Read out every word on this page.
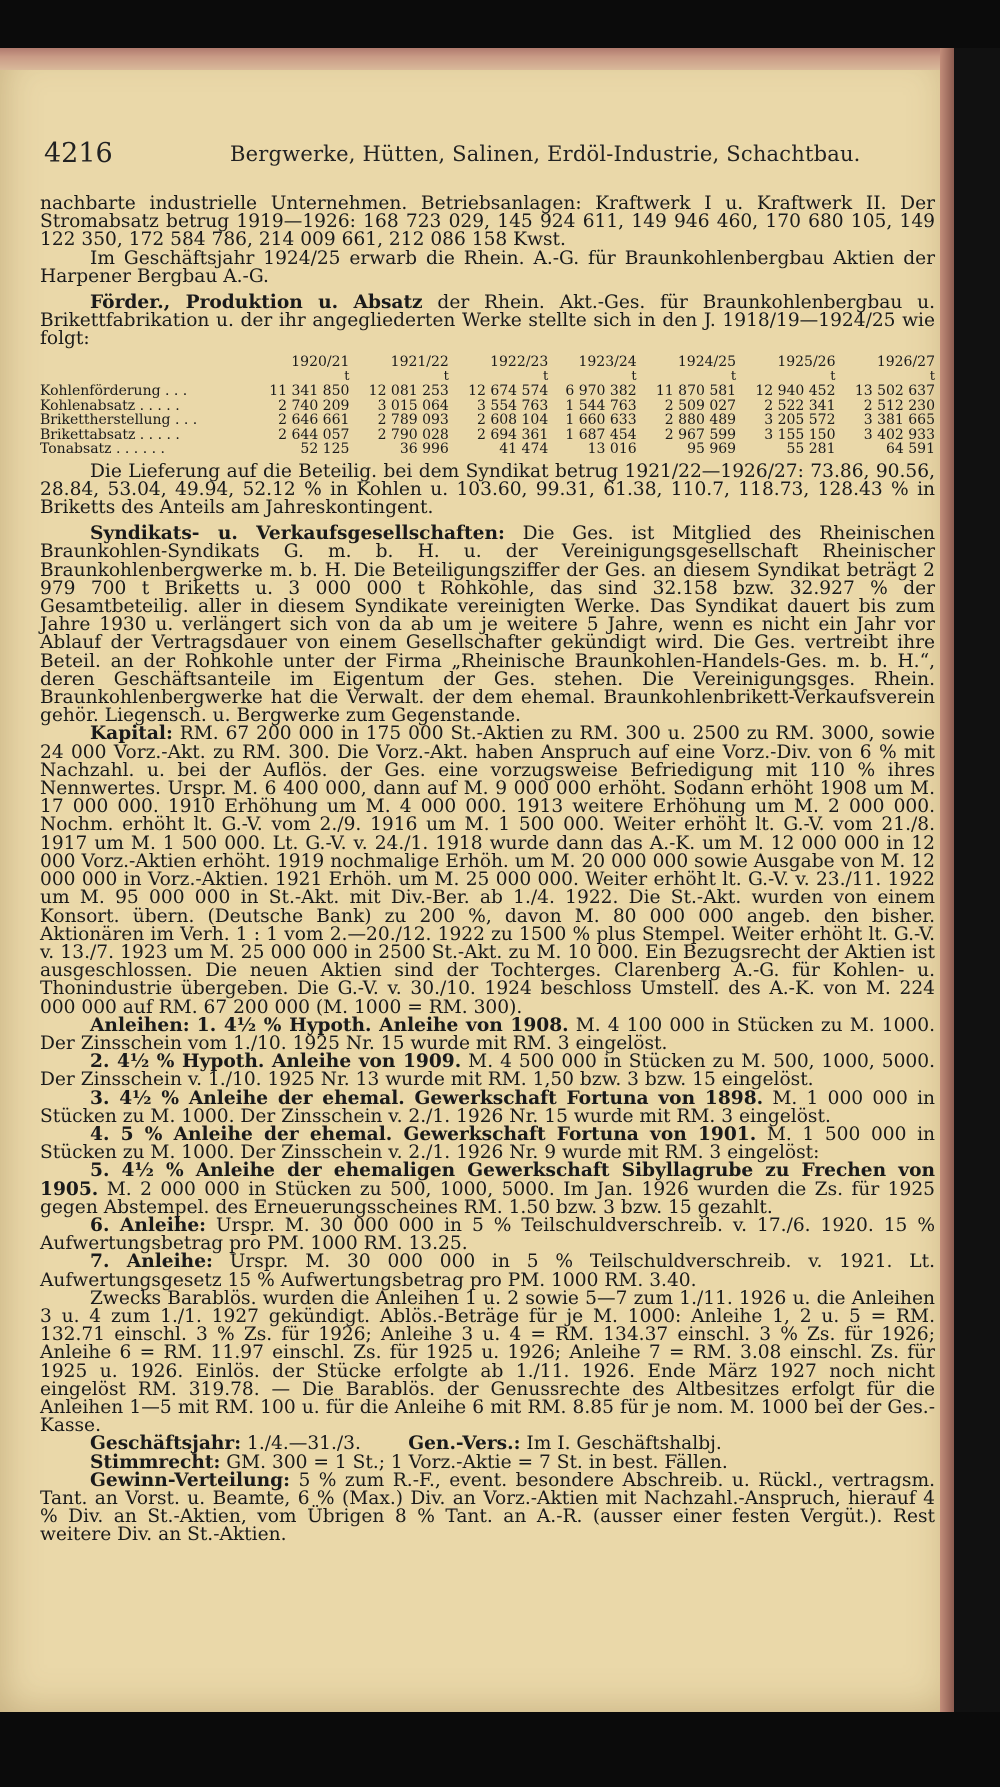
4216	Bergwerke, Hütten, Salinen, Erdöl-Industrie, Schachtbau.

nachbarte industrielle Unternehmen. Betriebsanlagen: Kraftwerk I u. Kraftwerk II. Der Stromabsatz betrug 1919—1926: 168 723 029, 145 924 611, 149 946 460, 170 680 105, 149 122 350, 172 584 786, 214 009 661, 212 086 158 Kwst.

Im Geschäftsjahr 1924/25 erwarb die Rhein. A.-G. für Braunkohlenbergbau Aktien der Harpener Bergbau A.-G.

Förder., Produktion u. Absatz der Rhein. Akt.-Ges. für Braunkohlenbergbau u. Brikettfabrikation u. der ihr angegliederten Werke stellte sich in den J. 1918/19—1924/25 wie folgt:

	1920/21	1921/22	1922/23	1923/24	1924/25	1925/26	1926/27
	t	t	t	t	t	t	t
Kohlenförderung . . .	11 341 850	12 081 253	12 674 574	6 970 382	11 870 581	12 940 452	13 502 637
Kohlenabsatz . . . . .	2 740 209	3 015 064	3 554 763	1 544 763	2 509 027	2 522 341	2 512 230
Brikettherstellung . . .	2 646 661	2 789 093	2 608 104	1 660 633	2 880 489	3 205 572	3 381 665
Brikettabsatz . . . . .	2 644 057	2 790 028	2 694 361	1 687 454	2 967 599	3 155 150	3 402 933
Tonabsatz . . . . . .	52 125	36 996	41 474	13 016	95 969	55 281	64 591

Die Lieferung auf die Beteilig. bei dem Syndikat betrug 1921/22—1926/27: 73.86, 90.56, 28.84, 53.04, 49.94, 52.12 % in Kohlen u. 103.60, 99.31, 61.38, 110.7, 118.73, 128.43 % in Briketts des Anteils am Jahreskontingent.

Syndikats- u. Verkaufsgesellschaften: Die Ges. ist Mitglied des Rheinischen Braunkohlen-Syndikats G. m. b. H. u. der Vereinigungsgesellschaft Rheinischer Braunkohlenbergwerke m. b. H. Die Beteiligungsziffer der Ges. an diesem Syndikat beträgt 2 979 700 t Briketts u. 3 000 000 t Rohkohle, das sind 32.158 bzw. 32.927 % der Gesamtbeteilig. aller in diesem Syndikate vereinigten Werke. Das Syndikat dauert bis zum Jahre 1930 u. verlängert sich von da ab um je weitere 5 Jahre, wenn es nicht ein Jahr vor Ablauf der Vertragsdauer von einem Gesellschafter gekündigt wird. Die Ges. vertreibt ihre Beteil. an der Rohkohle unter der Firma „Rheinische Braunkohlen-Handels-Ges. m. b. H.“, deren Geschäftsanteile im Eigentum der Ges. stehen. Die Vereinigungsges. Rhein. Braunkohlenbergwerke hat die Verwalt. der dem ehemal. Braunkohlenbrikett-Verkaufsverein gehör. Liegensch. u. Bergwerke zum Gegenstande.

Kapital: RM. 67 200 000 in 175 000 St.-Aktien zu RM. 300 u. 2500 zu RM. 3000, sowie 24 000 Vorz.-Akt. zu RM. 300. Die Vorz.-Akt. haben Anspruch auf eine Vorz.-Div. von 6 % mit Nachzahl. u. bei der Auflös. der Ges. eine vorzugsweise Befriedigung mit 110 % ihres Nennwertes. Urspr. M. 6 400 000, dann auf M. 9 000 000 erhöht. Sodann erhöht 1908 um M. 17 000 000. 1910 Erhöhung um M. 4 000 000. 1913 weitere Erhöhung um M. 2 000 000. Nochm. erhöht lt. G.-V. vom 2./9. 1916 um M. 1 500 000. Weiter erhöht lt. G.-V. vom 21./8. 1917 um M. 1 500 000. Lt. G.-V. v. 24./1. 1918 wurde dann das A.-K. um M. 12 000 000 in 12 000 Vorz.-Aktien erhöht. 1919 nochmalige Erhöh. um M. 20 000 000 sowie Ausgabe von M. 12 000 000 in Vorz.-Aktien. 1921 Erhöh. um M. 25 000 000. Weiter erhöht lt. G.-V. v. 23./11. 1922 um M. 95 000 000 in St.-Akt. mit Div.-Ber. ab 1./4. 1922. Die St.-Akt. wurden von einem Konsort. übern. (Deutsche Bank) zu 200 %, davon M. 80 000 000 angeb. den bisher. Aktionären im Verh. 1 : 1 vom 2.—20./12. 1922 zu 1500 % plus Stempel. Weiter erhöht lt. G.-V. v. 13./7. 1923 um M. 25 000 000 in 2500 St.-Akt. zu M. 10 000. Ein Bezugsrecht der Aktien ist ausgeschlossen. Die neuen Aktien sind der Tochterges. Clarenberg A.-G. für Kohlen- u. Thonindustrie übergeben. Die G.-V. v. 30./10. 1924 beschloss Umstell. des A.-K. von M. 224 000 000 auf RM. 67 200 000 (M. 1000 = RM. 300).

Anleihen: 1. 4½ % Hypoth. Anleihe von 1908. M. 4 100 000 in Stücken zu M. 1000. Der Zinsschein vom 1./10. 1925 Nr. 15 wurde mit RM. 3 eingelöst.

2. 4½ % Hypoth. Anleihe von 1909. M. 4 500 000 in Stücken zu M. 500, 1000, 5000. Der Zinsschein v. 1./10. 1925 Nr. 13 wurde mit RM. 1,50 bzw. 3 bzw. 15 eingelöst.

3. 4½ % Anleihe der ehemal. Gewerkschaft Fortuna von 1898. M. 1 000 000 in Stücken zu M. 1000. Der Zinsschein v. 2./1. 1926 Nr. 15 wurde mit RM. 3 eingelöst.

4. 5 % Anleihe der ehemal. Gewerkschaft Fortuna von 1901. M. 1 500 000 in Stücken zu M. 1000. Der Zinsschein v. 2./1. 1926 Nr. 9 wurde mit RM. 3 eingelöst:

5. 4½ % Anleihe der ehemaligen Gewerkschaft Sibyllagrube zu Frechen von 1905. M. 2 000 000 in Stücken zu 500, 1000, 5000. Im Jan. 1926 wurden die Zs. für 1925 gegen Abstempel. des Erneuerungsscheines RM. 1.50 bzw. 3 bzw. 15 gezahlt.

6. Anleihe: Urspr. M. 30 000 000 in 5 % Teilschuldverschreib. v. 17./6. 1920. 15 % Aufwertungsbetrag pro PM. 1000 RM. 13.25.

7. Anleihe: Urspr. M. 30 000 000 in 5 % Teilschuldverschreib. v. 1921. Lt. Aufwertungsgesetz 15 % Aufwertungsbetrag pro PM. 1000 RM. 3.40.

Zwecks Barablös. wurden die Anleihen 1 u. 2 sowie 5—7 zum 1./11. 1926 u. die Anleihen 3 u. 4 zum 1./1. 1927 gekündigt. Ablös.-Beträge für je M. 1000: Anleihe 1, 2 u. 5 = RM. 132.71 einschl. 3 % Zs. für 1926; Anleihe 3 u. 4 = RM. 134.37 einschl. 3 % Zs. für 1926; Anleihe 6 = RM. 11.97 einschl. Zs. für 1925 u. 1926; Anleihe 7 = RM. 3.08 einschl. Zs. für 1925 u. 1926. Einlös. der Stücke erfolgte ab 1./11. 1926. Ende März 1927 noch nicht eingelöst RM. 319.78. — Die Barablös. der Genussrechte des Altbesitzes erfolgt für die Anleihen 1—5 mit RM. 100 u. für die Anleihe 6 mit RM. 8.85 für je nom. M. 1000 bei der Ges.-Kasse.

Geschäftsjahr: 1./4.—31./3.	Gen.-Vers.: Im I. Geschäftshalbj.

Stimmrecht: GM. 300 = 1 St.; 1 Vorz.-Aktie = 7 St. in best. Fällen.

Gewinn-Verteilung: 5 % zum R.-F., event. besondere Abschreib. u. Rückl., vertragsm. Tant. an Vorst. u. Beamte, 6 % (Max.) Div. an Vorz.-Aktien mit Nachzahl.-Anspruch, hierauf 4 % Div. an St.-Aktien, vom Übrigen 8 % Tant. an A.-R. (ausser einer festen Vergüt.). Rest weitere Div. an St.-Aktien.
